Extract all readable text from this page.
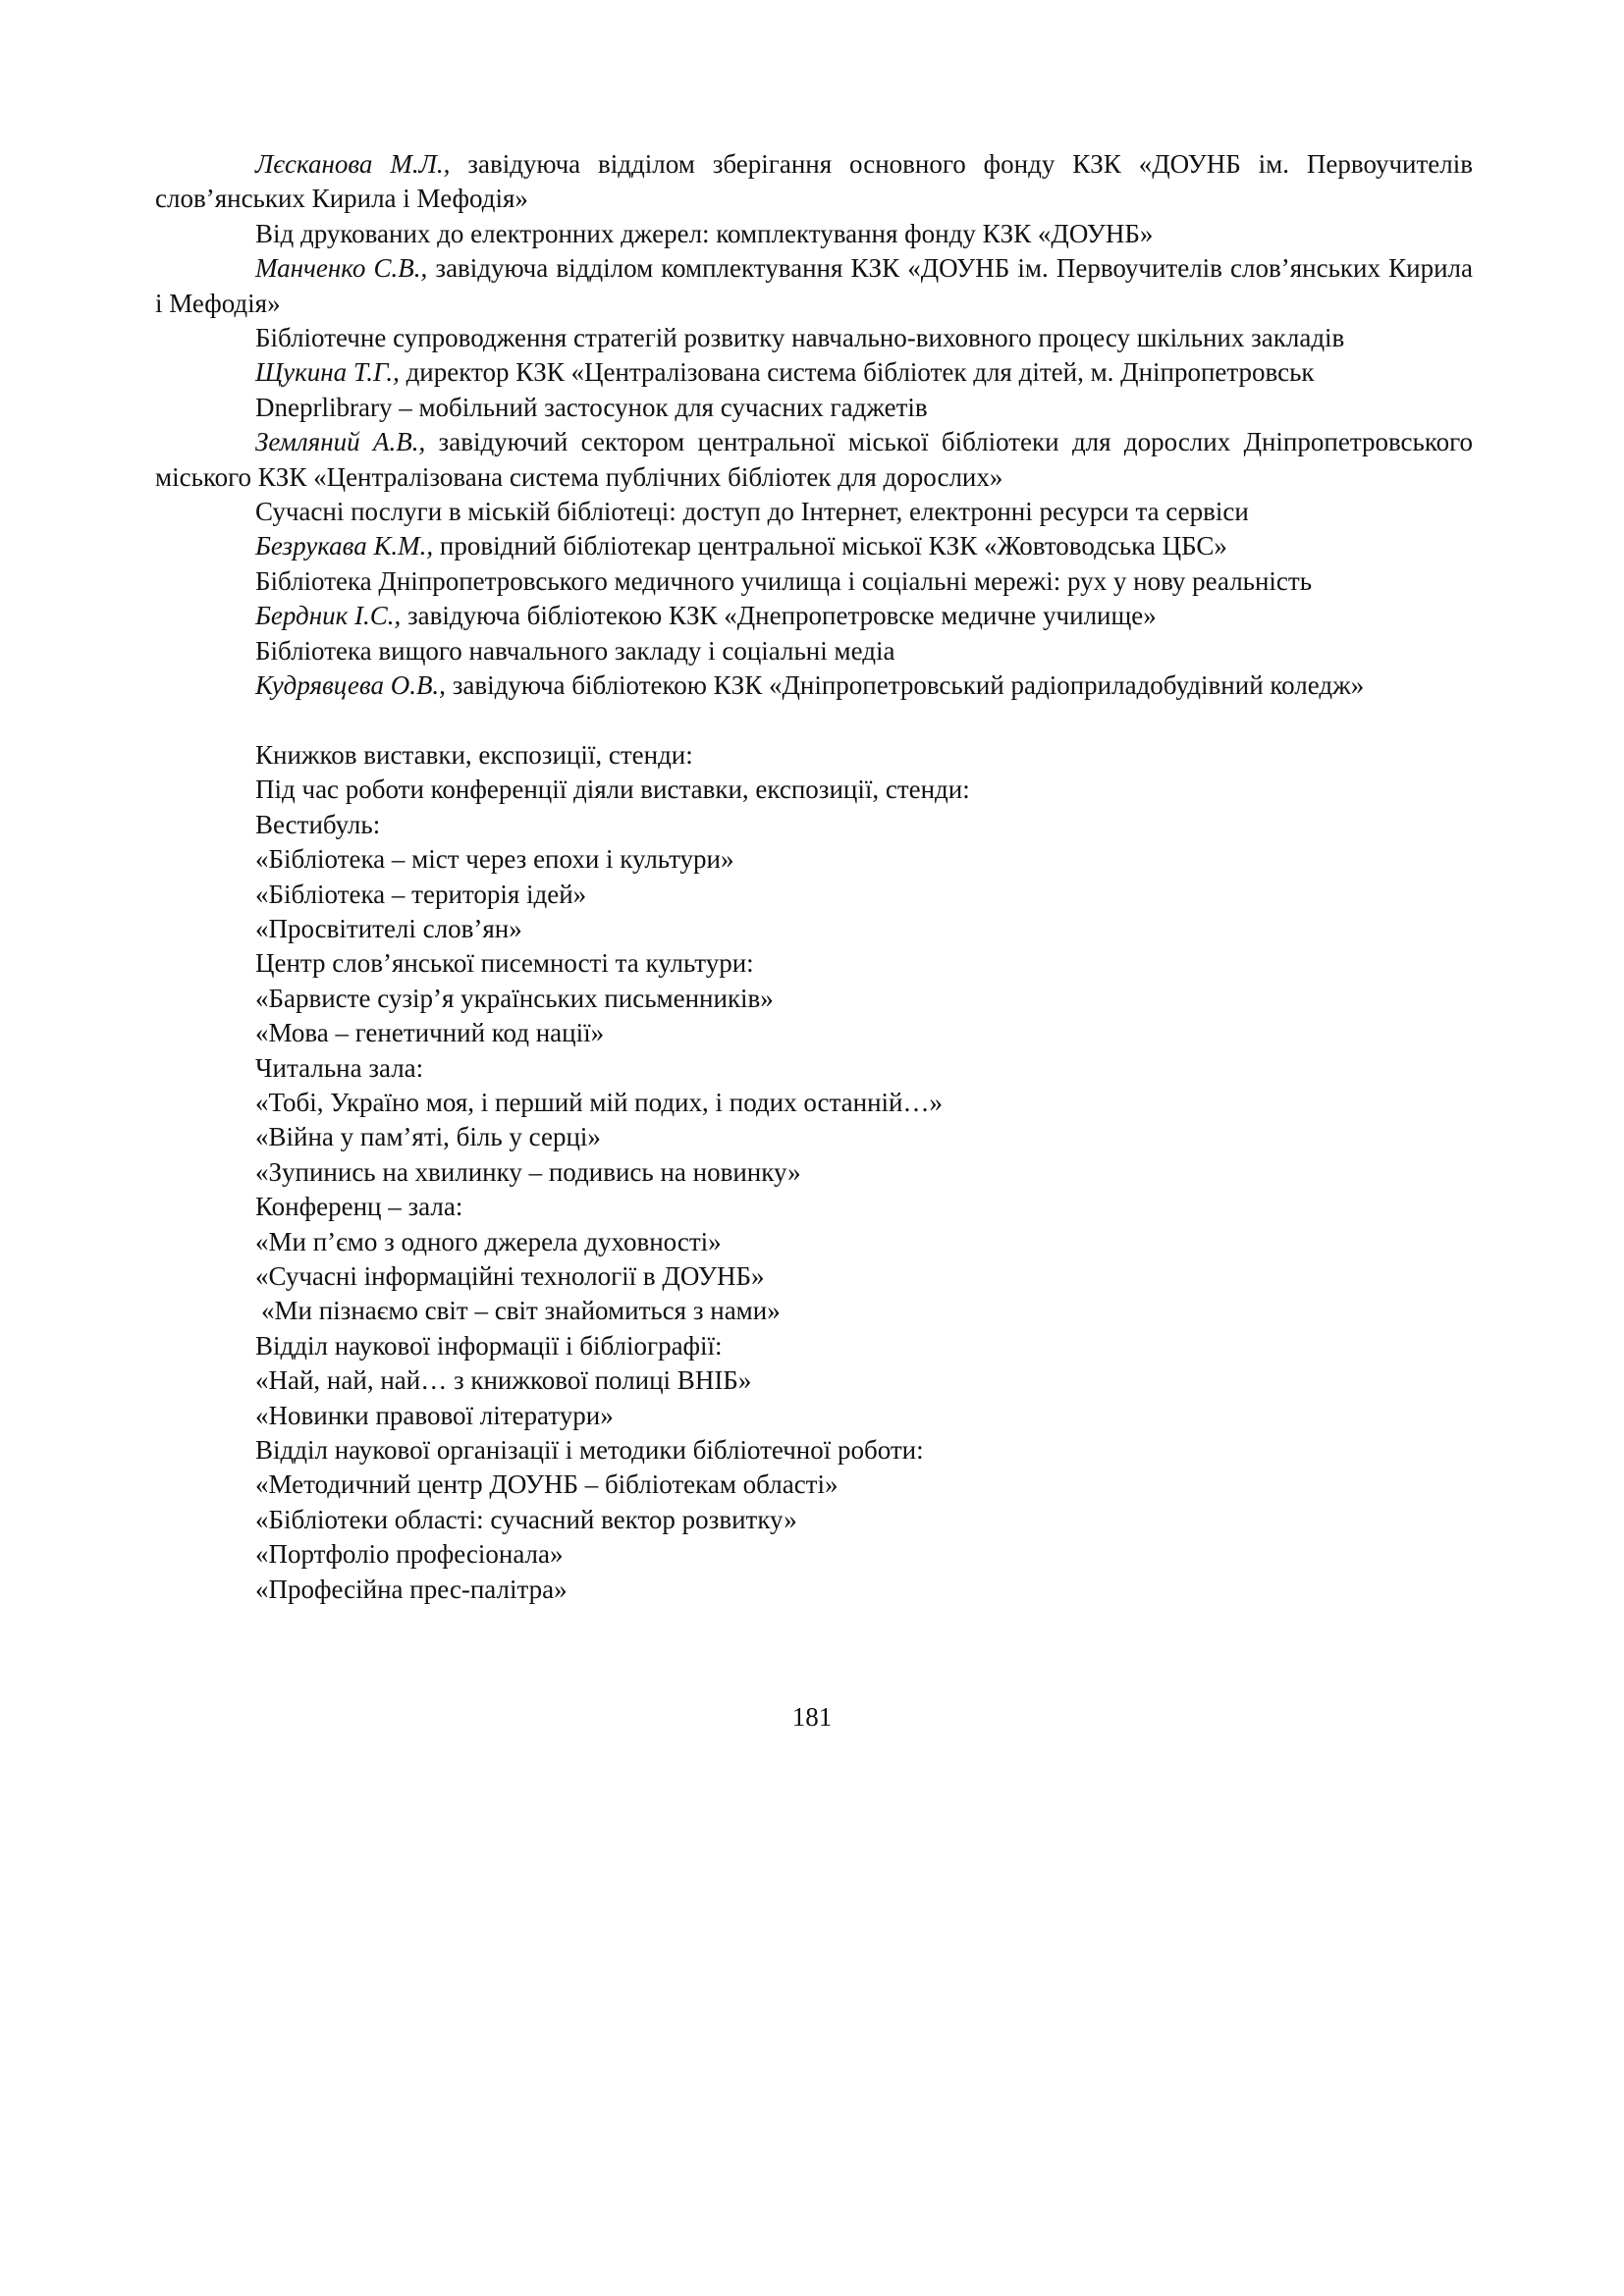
Лєсканова М.Л., завідуюча відділом зберігання основного фонду КЗК «ДОУНБ ім. Первоучителів слов’янських Кирила і Мефодія»

Від друкованих до електронних джерел: комплектування фонду КЗК «ДОУНБ»

Манченко С.В., завідуюча відділом комплектування КЗК «ДОУНБ ім. Первоучителів слов’янських Кирила і Мефодія»

Бібліотечне супроводження стратегій розвитку навчально-виховного процесу шкільних закладів

Щукина Т.Г., директор КЗК «Централізована система бібліотек для дітей, м. Дніпропетровськ

Dneprlibrary – мобільний застосунок для сучасних гаджетів

Земляний А.В., завідуючий сектором центральної міської бібліотеки для дорослих Дніпропетровського міського КЗК «Централізована система публічних бібліотек для дорослих»

Сучасні послуги в міській бібліотеці: доступ до Інтернет, електронні ресурси та сервіси

Безрукава К.М., провідний бібліотекар центральної міської КЗК «Жовтоводська ЦБС»

Бібліотека Дніпропетровського медичного училища і соціальні мережі: рух у нову реальність

Бердник І.С., завідуюча бібліотекою КЗК «Днепропетровске медичне училище»

Бібліотека вищого навчального закладу і соціальні медіа

Кудрявцева О.В., завідуюча бібліотекою КЗК «Дніпропетровський радіоприладобудівний коледж»

Книжков виставки, експозиції, стенди:

Під час роботи конференції діяли виставки, експозиції, стенди:

Вестибуль:

«Бібліотека – міст через епохи і культури»

«Бібліотека – територія ідей»

«Просвітителі слов’ян»

Центр слов’янської писемності та культури:

«Барвисте сузір’я українських письменників»

«Мова – генетичний код нації»

Читальна зала:

«Тобі, Україно моя, і перший мій подих, і подих останній…»

«Війна у пам’яті, біль у серці»

«Зупинись на хвилинку – подивись на новинку»

Конференц – зала:

«Ми п’ємо з одного джерела духовності»

«Сучасні інформаційні технології в ДОУНБ»

«Ми пізнаємо світ – світ знайомиться з нами»

Відділ наукової інформації і бібліографії:

«Най, най, най… з книжкової полиці ВНІБ»

«Новинки правової літератури»

Відділ наукової організації і методики бібліотечної роботи:

«Методичний центр ДОУНБ – бібліотекам області»

«Бібліотеки області: сучасний вектор розвитку»

«Портфоліо професіонала»

«Професійна прес-палітра»

181
